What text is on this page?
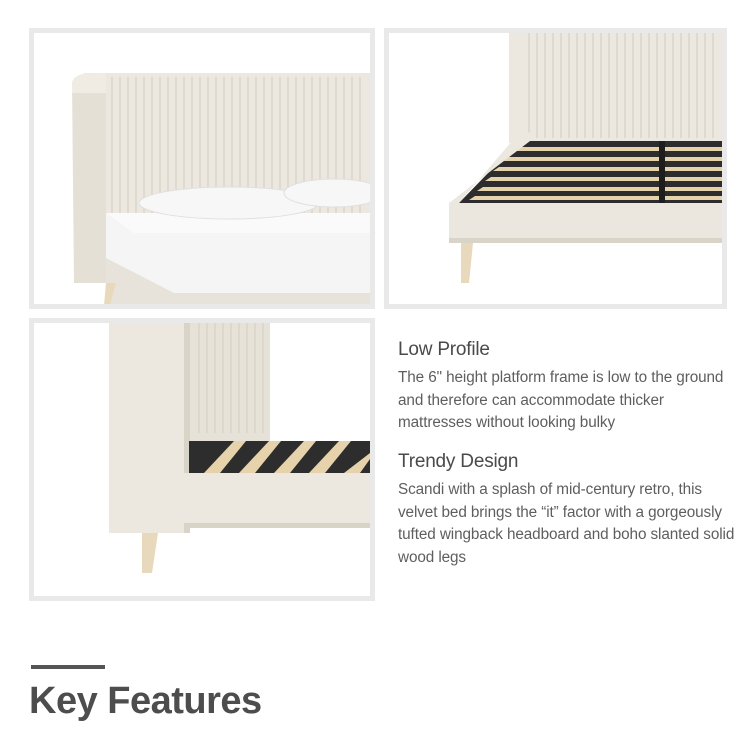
Low Profile

The 6" height platform frame is low to the ground and therefore can accommodate thicker mattresses without looking bulky

Trendy Design

Scandi with a splash of mid-century retro, this velvet bed brings the “it” factor with a gorgeously tufted wingback headboard and boho slanted solid wood legs

Key Features
